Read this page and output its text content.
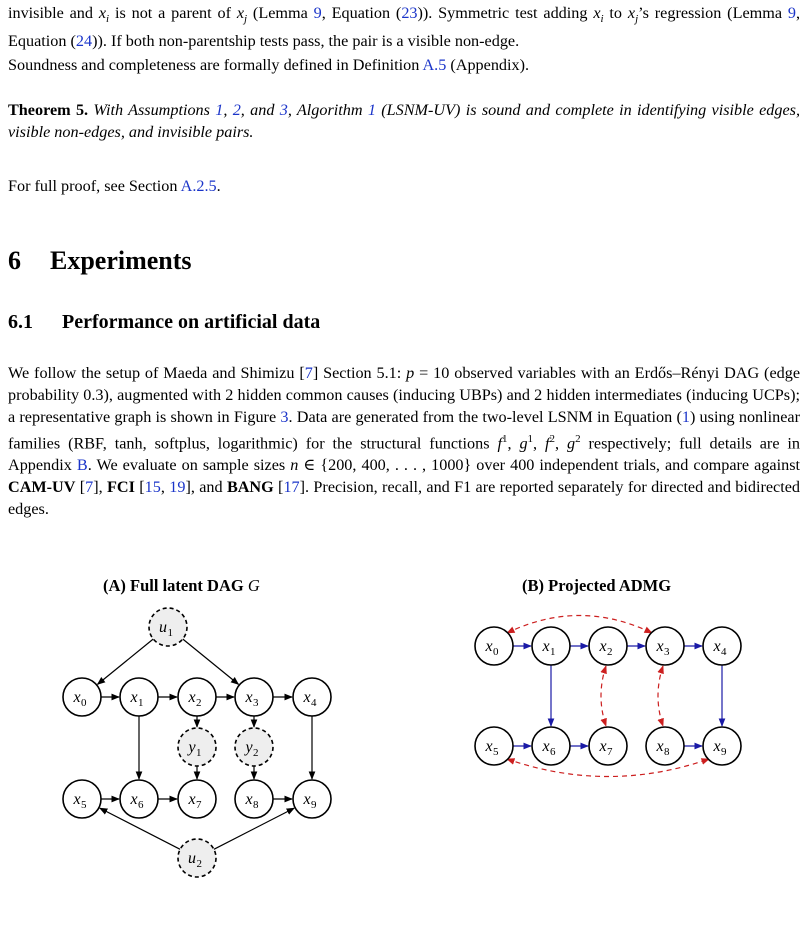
invisible and $x_i$ is not a parent of $x_j$ (Lemma 9, Equation (23)). Symmetric test adding $x_i$ to $x_j’s$ regression (Lemma 9, Equation (24)). If both non-parentship tests pass, the pair is a visible non-edge.

Soundness and completeness are formally defined in Definition A.5 (Appendix).

Theorem 5. With Assumptions 1, 2, and 3, Algorithm 1 (LSNM-UV) is sound and complete in identifying visible edges, visible non-edges, and invisible pairs.

For full proof, see Section A.2.5.

6 Experiments
6.1 Performance on artificial data

We follow the setup of Maeda and Shimizu [7] Section 5.1: p = 10 observed variables with an Erdős–Rényi DAG (edge probability 0.3), augmented with 2 hidden common causes (inducing UBPs) and 2 hidden intermediates (inducing UCPs); a representative graph is shown in Figure 3. Data are generated from the two-level LSNM in Equation (1) using nonlinear families (RBF, tanh, softplus, logarithmic) for the structural functions $f^1$, $g^1$, $f^2$, $g^2$ respectively; full details are in Appendix B. We evaluate on sample sizes n ∈ {200, 400, . . . , 1000} over 400 independent trials, and compare against CAM-UV [7], FCI [15, 19], and BANG [17]. Precision, recall, and F1 are reported separately for directed and bidirected edges.

(A) Full latent DAG G	(B) Projected ADMG
$u_1$
$x_0$	$x_1$	$x_2$	$x_3$	$x_4$
$y_1$	$y_2$
$x_5$	$x_6$	$x_7$	$x_8$	$x_9$
$u_2$
$x_0$	$x_1$	$x_2$	$x_3$	$x_4$
$x_5$	$x_6$	$x_7$	$x_8$	$x_9$
